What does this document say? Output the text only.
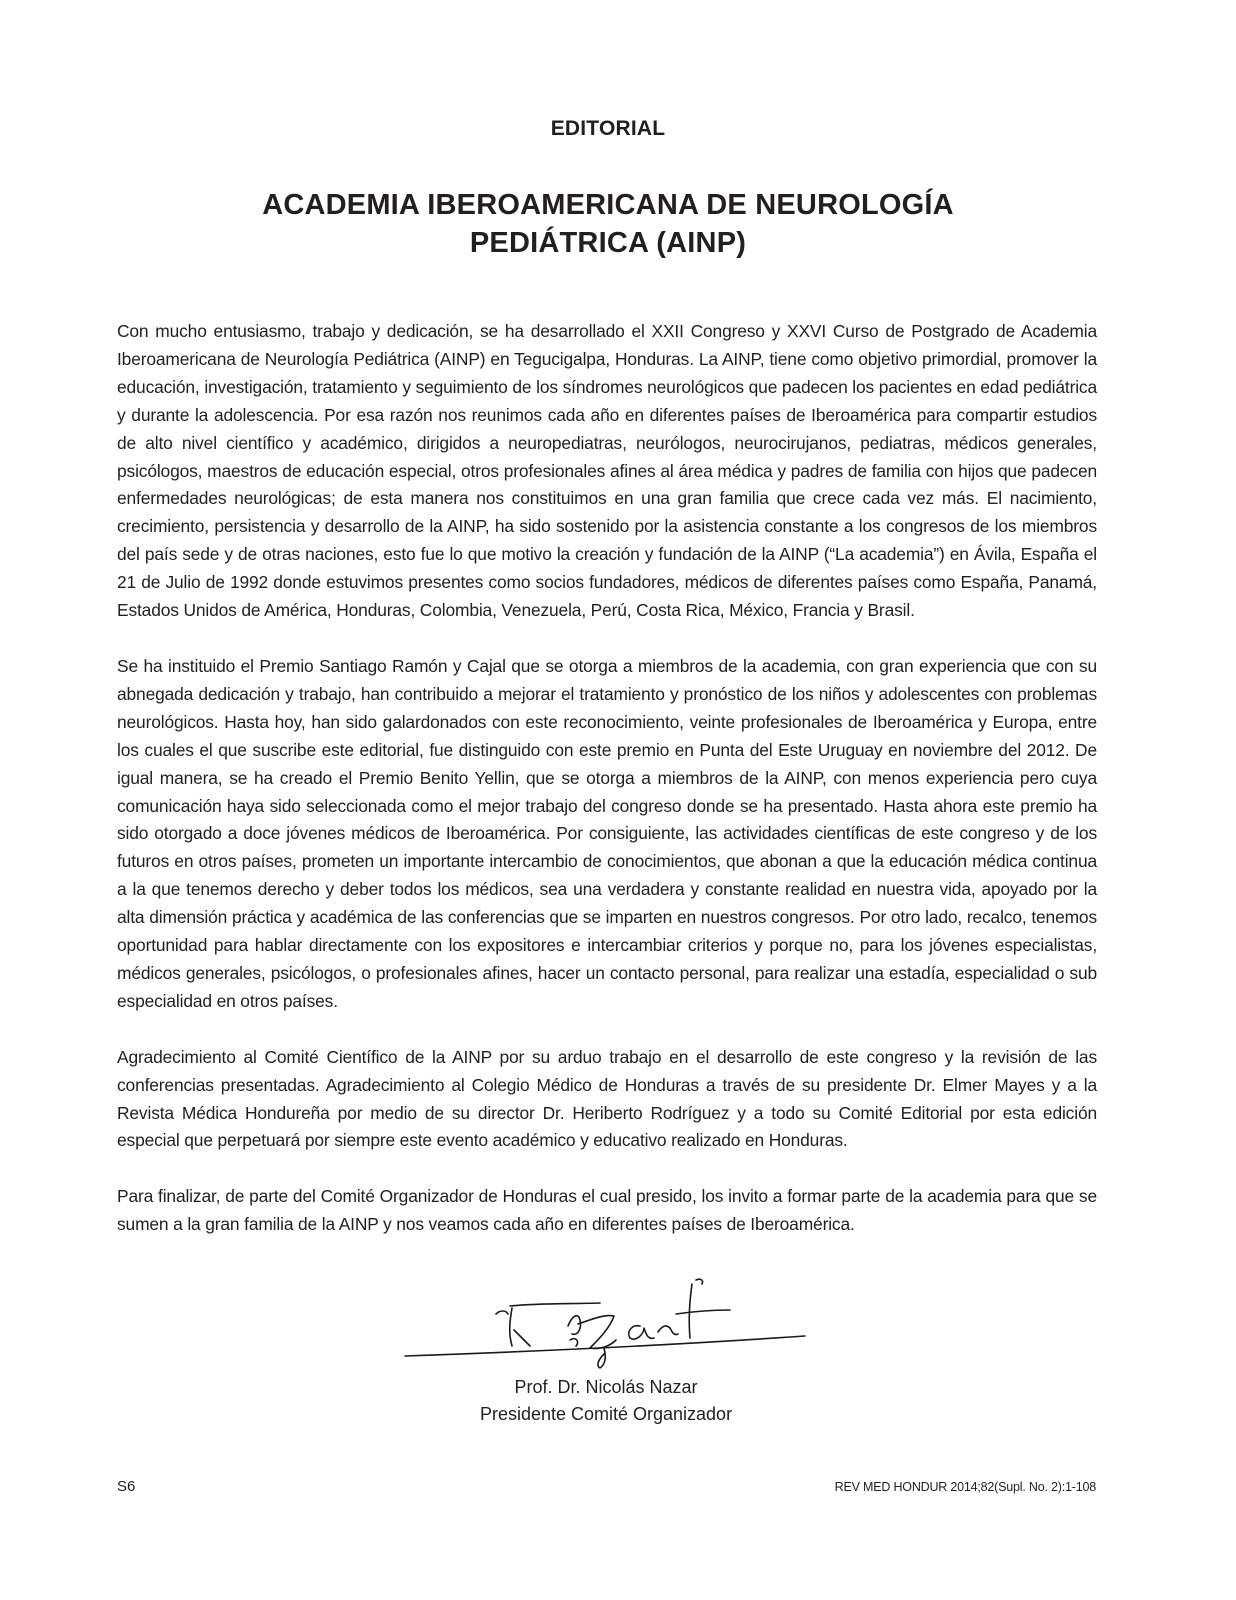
EDITORIAL
ACADEMIA IBEROAMERICANA DE NEUROLOGÍA
PEDIÁTRICA (AINP)

Con mucho entusiasmo, trabajo y dedicación, se ha desarrollado el XXII Congreso y XXVI Curso de Postgrado de Academia Iberoamericana de Neurología Pediátrica (AINP) en Tegucigalpa, Honduras. La AINP, tiene como objetivo primordial, promover la educación, investigación, tratamiento y seguimiento de los síndromes neurológicos que padecen los pacientes en edad pediátrica y durante la adolescencia. Por esa razón nos reunimos cada año en diferentes países de Iberoamérica para compartir estudios de alto nivel científico y académico, dirigidos a neuropediatras, neurólogos, neurocirujanos, pediatras, médicos generales, psicólogos, maestros de educación especial, otros profesionales afines al área médica y padres de familia con hijos que padecen enfermedades neurológicas; de esta manera nos constituimos en una gran familia que crece cada vez más. El nacimiento, crecimiento, persistencia y desarrollo de la AINP, ha sido sostenido por la asistencia constante a los congresos de los miembros del país sede y de otras naciones, esto fue lo que motivo la creación y fundación de la AINP (“La academia”) en Ávila, España el 21 de Julio de 1992 donde estuvimos presentes como socios fundadores, médicos de diferentes países como España, Panamá, Estados Unidos de América, Honduras, Colombia, Venezuela, Perú, Costa Rica, México, Francia y Brasil.

Se ha instituido el Premio Santiago Ramón y Cajal que se otorga a miembros de la academia, con gran experiencia que con su abnegada dedicación y trabajo, han contribuido a mejorar el tratamiento y pronóstico de los niños y adolescentes con problemas neurológicos. Hasta hoy, han sido galardonados con este reconocimiento, veinte profesionales de Iberoamérica y Europa, entre los cuales el que suscribe este editorial, fue distinguido con este premio en Punta del Este Uruguay en noviembre del 2012. De igual manera, se ha creado el Premio Benito Yellin, que se otorga a miembros de la AINP, con menos experiencia pero cuya comunicación haya sido seleccionada como el mejor trabajo del congreso donde se ha presentado. Hasta ahora este premio ha sido otorgado a doce jóvenes médicos de Iberoamérica. Por consiguiente, las actividades científicas de este congreso y de los futuros en otros países, prometen un importante intercambio de conocimientos, que abonan a que la educación médica continua a la que tenemos derecho y deber todos los médicos, sea una verdadera y constante realidad en nuestra vida, apoyado por la alta dimensión práctica y académica de las conferencias que se imparten en nuestros congresos. Por otro lado, recalco, tenemos oportunidad para hablar directamente con los expositores e intercambiar criterios y porque no, para los jóvenes especialistas, médicos generales, psicólogos, o profesionales afines, hacer un contacto personal, para realizar una estadía, especialidad o sub especialidad en otros países.

Agradecimiento al Comité Científico de la AINP por su arduo trabajo en el desarrollo de este congreso y la revisión de las conferencias presentadas. Agradecimiento al Colegio Médico de Honduras a través de su presidente Dr. Elmer Mayes y a la Revista Médica Hondureña por medio de su director Dr. Heriberto Rodríguez y a todo su Comité Editorial por esta edición especial que perpetuará por siempre este evento académico y educativo realizado en Honduras.

Para finalizar, de parte del Comité Organizador de Honduras el cual presido, los invito a formar parte de la academia para que se sumen a la gran familia de la AINP y nos veamos cada año en diferentes países de Iberoamérica.

Prof. Dr. Nicolás Nazar
Presidente Comité Organizador
S6	REV MED HONDUR 2014;82(Supl. No. 2):1-108
